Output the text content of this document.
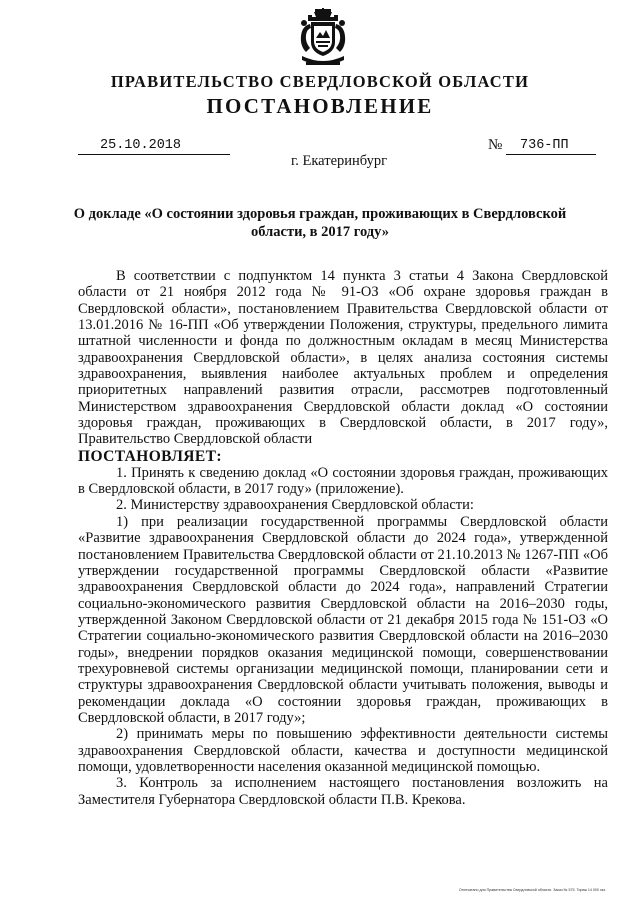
ПРАВИТЕЛЬСТВО СВЕРДЛОВСКОЙ ОБЛАСТИ
ПОСТАНОВЛЕНИЕ
25.10.2018	№	736-ПП
г. Екатеринбург
О докладе «О состоянии здоровья граждан, проживающих в Свердловской области, в 2017 году»

В соответствии с подпунктом 14 пункта 3 статьи 4 Закона Свердловской области от 21 ноября 2012 года № 91-ОЗ «Об охране здоровья граждан в Свердловской области», постановлением Правительства Свердловской области от 13.01.2016 № 16-ПП «Об утверждении Положения, структуры, предельного лимита штатной численности и фонда по должностным окладам в месяц Министерства здравоохранения Свердловской области», в целях анализа состояния системы здравоохранения, выявления наиболее актуальных проблем и определения приоритетных направлений развития отрасли, рассмотрев подготовленный Министерством здравоохранения Свердловской области доклад «О состоянии здоровья граждан, проживающих в Свердловской области, в 2017 году», Правительство Свердловской области

ПОСТАНОВЛЯЕТ:

1. Принять к сведению доклад «О состоянии здоровья граждан, проживающих в Свердловской области, в 2017 году» (приложение).

2. Министерству здравоохранения Свердловской области:

1) при реализации государственной программы Свердловской области «Развитие здравоохранения Свердловской области до 2024 года», утвержденной постановлением Правительства Свердловской области от 21.10.2013 № 1267-ПП «Об утверждении государственной программы Свердловской области «Развитие здравоохранения Свердловской области до 2024 года», направлений Стратегии социально-экономического развития Свердловской области на 2016–2030 годы, утвержденной Законом Свердловской области от 21 декабря 2015 года № 151-ОЗ «О Стратегии социально-экономического развития Свердловской области на 2016–2030 годы», внедрении порядков оказания медицинской помощи, совершенствовании трехуровневой системы организации медицинской помощи, планировании сети и структуры здравоохранения Свердловской области учитывать положения, выводы и рекомендации доклада «О состоянии здоровья граждан, проживающих в Свердловской области, в 2017 году»;

2) принимать меры по повышению эффективности деятельности системы здравоохранения Свердловской области, качества и доступности медицинской помощи, удовлетворенности населения оказанной медицинской помощью.

3. Контроль за исполнением настоящего постановления возложить на Заместителя Губернатора Свердловской области П.В. Крекова.

Отпечатано для Правительства Свердловской области. Заказ № 575. Тираж 14 000 экз.
